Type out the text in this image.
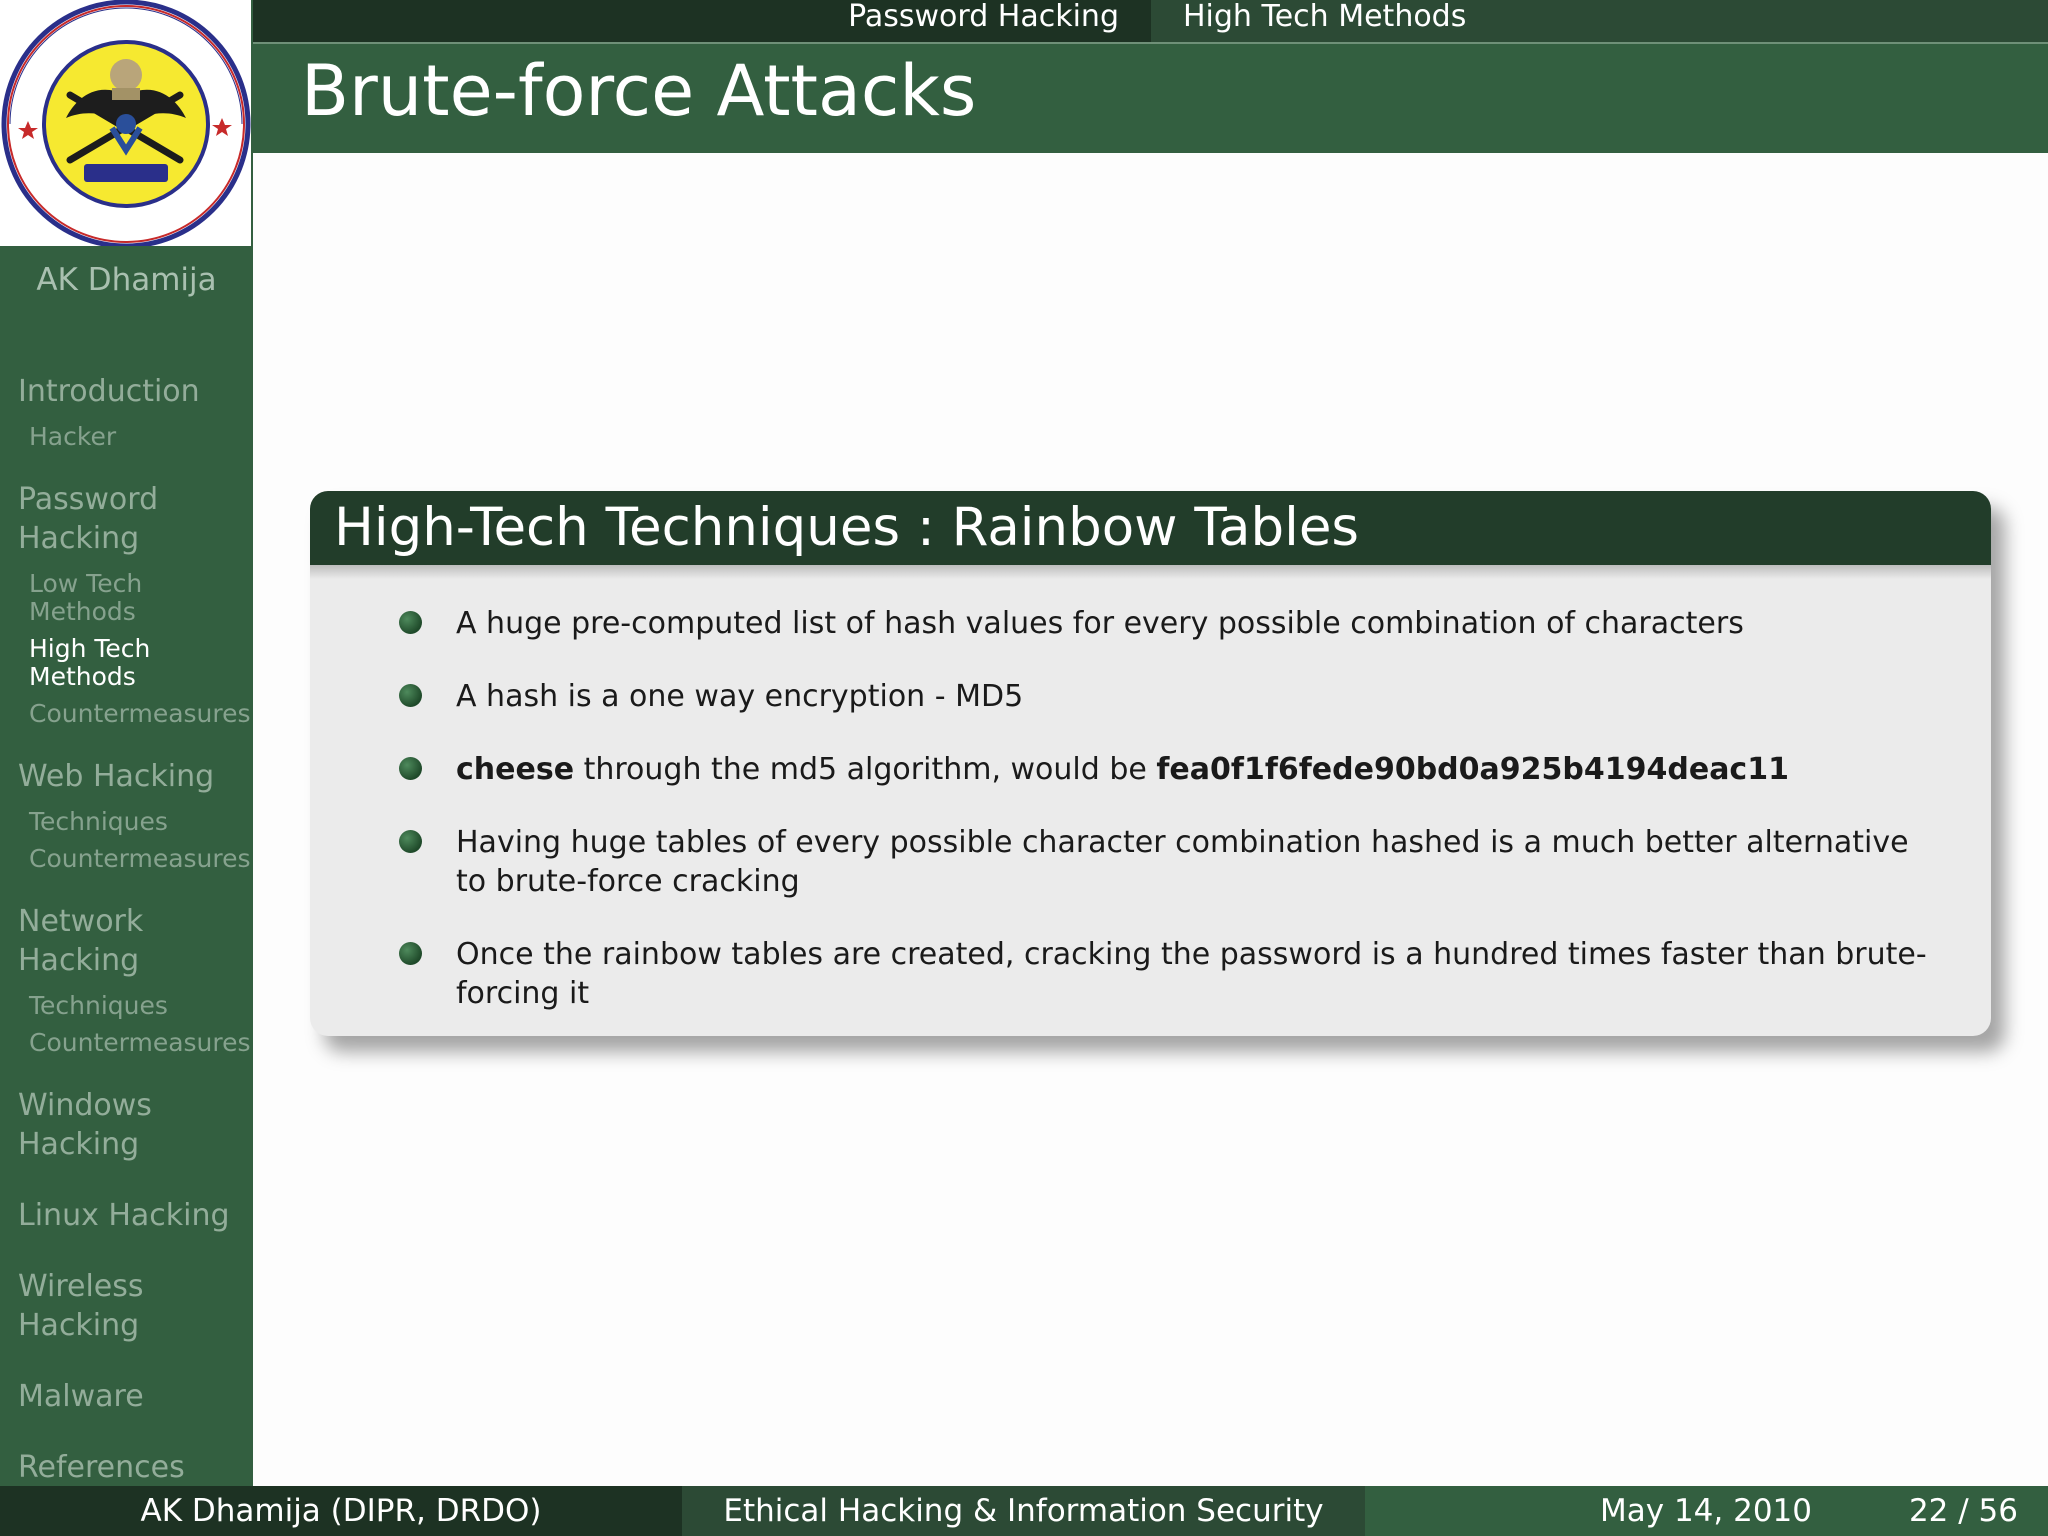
AK Dhamija
Introduction
Hacker
Password Hacking
Low Tech Methods
High Tech Methods
Countermeasures
Web Hacking
Techniques
Countermeasures
Network Hacking
Techniques
Countermeasures
Windows Hacking
Linux Hacking
Wireless Hacking
Malware
References
Password Hacking	High Tech Methods
Brute-force Attacks
High-Tech Techniques : Rainbow Tables
A huge pre-computed list of hash values for every possible combination of characters
A hash is a one way encryption - MD5
cheese through the md5 algorithm, would be fea0f1f6fede90bd0a925b4194deac11
Having huge tables of every possible character combination hashed is a much better alternative to brute-force cracking
Once the rainbow tables are created, cracking the password is a hundred times faster than brute-forcing it
AK Dhamija (DIPR, DRDO)	Ethical Hacking & Information Security	May 14, 2010	22 / 56
